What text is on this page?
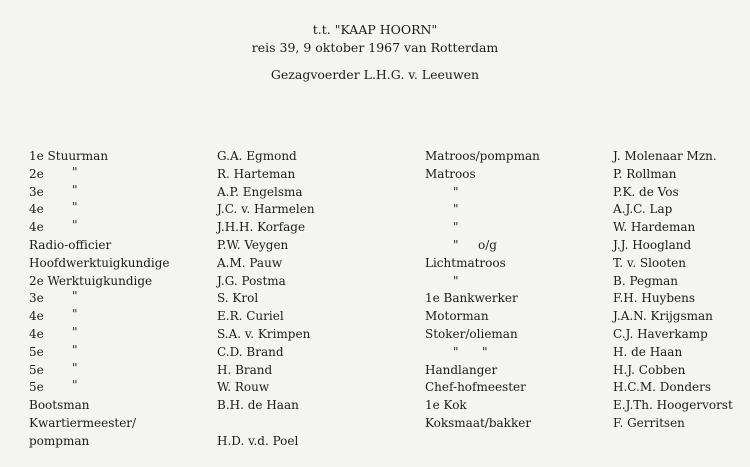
t.t. "KAAP HOORN"
reis 39, 9 oktober 1967 van Rotterdam
Gezagvoerder L.H.G. v. Leeuwen
1e Stuurman
2e "
3e "
4e "
4e "
Radio-officier
Hoofdwerktuigkundige
2e Werktuigkundige
3e "
4e "
4e "
5e "
5e "
5e "
Bootsman
Kwartiermeester/
pompman
G.A. Egmond
R. Harteman
A.P. Engelsma
J.C. v. Harmelen
J.H.H. Korfage
P.W. Veygen
A.M. Pauw
J.G. Postma
S. Krol
E.R. Curiel
S.A. v. Krimpen
C.D. Brand
H. Brand
W. Rouw
B.H. de Haan
H.D. v.d. Poel
Matroos/pompman
Matroos
"
"
"
" o/g
Lichtmatroos
"
1e Bankwerker
Motorman
Stoker/olieman
" "
Handlanger
Chef-hofmeester
1e Kok
Koksmaat/bakker
J. Molenaar Mzn.
P. Rollman
P.K. de Vos
A.J.C. Lap
W. Hardeman
J.J. Hoogland
T. v. Slooten
B. Pegman
F.H. Huybens
J.A.N. Krijgsman
C.J. Haverkamp
H. de Haan
H.J. Cobben
H.C.M. Donders
E.J.Th. Hoogervorst
F. Gerritsen
